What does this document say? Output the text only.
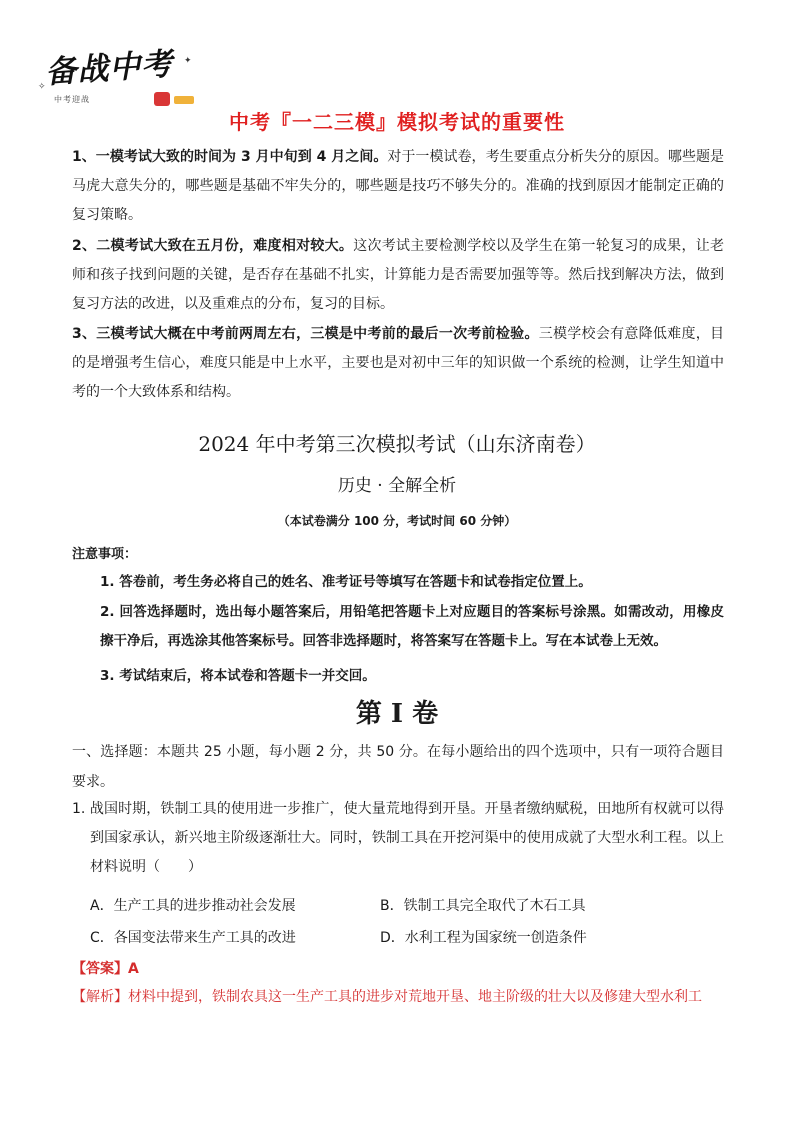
备战中考
中考迎战
✦
✧
中考『一二三模』模拟考试的重要性
1、一模考试大致的时间为 3 月中旬到 4 月之间。对于一模试卷，考生要重点分析失分的原因。哪些题是马虎大意失分的，哪些题是基础不牢失分的，哪些题是技巧不够失分的。准确的找到原因才能制定正确的复习策略。
2、二模考试大致在五月份，难度相对较大。这次考试主要检测学校以及学生在第一轮复习的成果，让老师和孩子找到问题的关键，是否存在基础不扎实，计算能力是否需要加强等等。然后找到解决方法，做到复习方法的改进，以及重难点的分布，复习的目标。
3、三模考试大概在中考前两周左右，三模是中考前的最后一次考前检验。三模学校会有意降低难度，目的是增强考生信心，难度只能是中上水平，主要也是对初中三年的知识做一个系统的检测，让学生知道中考的一个大致体系和结构。
2024 年中考第三次模拟考试（山东济南卷）
历史 · 全解全析
（本试卷满分 100 分，考试时间 60 分钟）
注意事项：
1. 答卷前，考生务必将自己的姓名、准考证号等填写在答题卡和试卷指定位置上。
2. 回答选择题时，选出每小题答案后，用铅笔把答题卡上对应题目的答案标号涂黑。如需改动，用橡皮擦干净后，再选涂其他答案标号。回答非选择题时，将答案写在答题卡上。写在本试卷上无效。
3. 考试结束后，将本试卷和答题卡一并交回。
第 I 卷
一、选择题：本题共 25 小题，每小题 2 分，共 50 分。在每小题给出的四个选项中，只有一项符合题目要求。
1. 战国时期，铁制工具的使用进一步推广，使大量荒地得到开垦。开垦者缴纳赋税，田地所有权就可以得到国家承认，新兴地主阶级逐渐壮大。同时，铁制工具在开挖河渠中的使用成就了大型水利工程。以上材料说明（　　）
A．生产工具的进步推动社会发展	B．铁制工具完全取代了木石工具
C．各国变法带来生产工具的改进	D．水利工程为国家统一创造条件
【答案】A
【解析】材料中提到，铁制农具这一生产工具的进步对荒地开垦、地主阶级的壮大以及修建大型水利工
